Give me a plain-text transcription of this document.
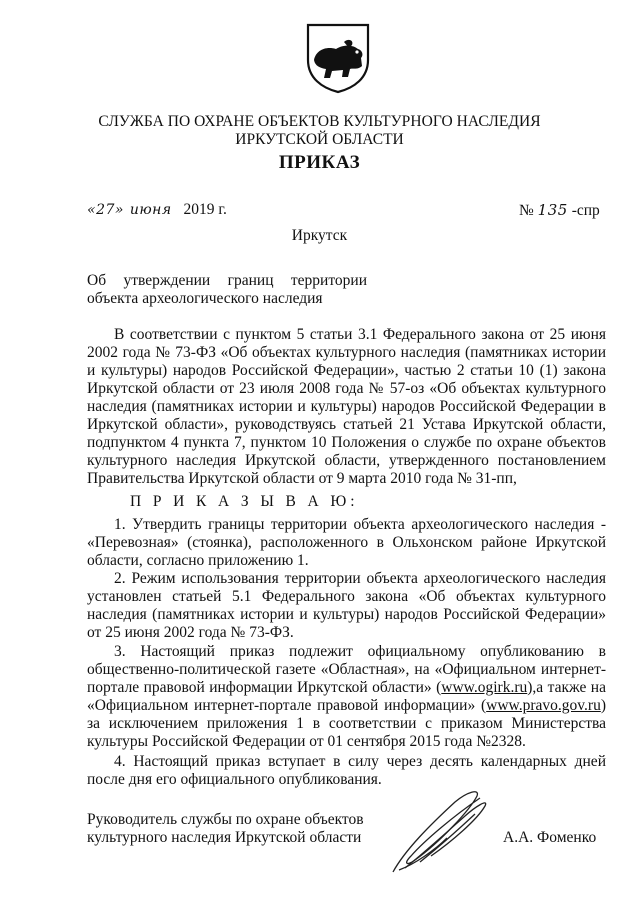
СЛУЖБА ПО ОХРАНЕ ОБЪЕКТОВ КУЛЬТУРНОГО НАСЛЕДИЯ
ИРКУТСКОЙ ОБЛАСТИ
ПРИКАЗ
«27» июня 2019 г.	№ 135 -спр
Иркутск
Об утверждении границ территории
объекта археологического наследия

В соответствии с пунктом 5 статьи 3.1 Федерального закона от 25 июня 2002 года № 73-ФЗ «Об объектах культурного наследия (памятниках истории и культуры) народов Российской Федерации», частью 2 статьи 10 (1) закона Иркутской области от 23 июля 2008 года № 57-оз «Об объектах культурного наследия (памятниках истории и культуры) народов Российской Федерации в Иркутской области», руководствуясь статьей 21 Устава Иркутской области, подпунктом 4 пункта 7, пунктом 10 Положения о службе по охране объектов культурного наследия Иркутской области, утвержденного постановлением Правительства Иркутской области от 9 марта 2010 года № 31-пп,

П Р И К А З Ы В А Ю:

1. Утвердить границы территории объекта археологического наследия - «Перевозная» (стоянка), расположенного в Ольхонском районе Иркутской области, согласно приложению 1.

2. Режим использования территории объекта археологического наследия установлен статьей 5.1 Федерального закона «Об объектах культурного наследия (памятниках истории и культуры) народов Российской Федерации» от 25 июня 2002 года № 73-ФЗ.

3. Настоящий приказ подлежит официальному опубликованию в общественно-политической газете «Областная», на «Официальном интернет-портале правовой информации Иркутской области» (www.ogirk.ru),а также на «Официальном интернет-портале правовой информации» (www.pravo.gov.ru) за исключением приложения 1 в соответствии с приказом Министерства культуры Российской Федерации от 01 сентября 2015 года №2328.

4. Настоящий приказ вступает в силу через десять календарных дней после дня его официального опубликования.

Руководитель службы по охране объектов
культурного наследия Иркутской области	А.А. Фоменко
